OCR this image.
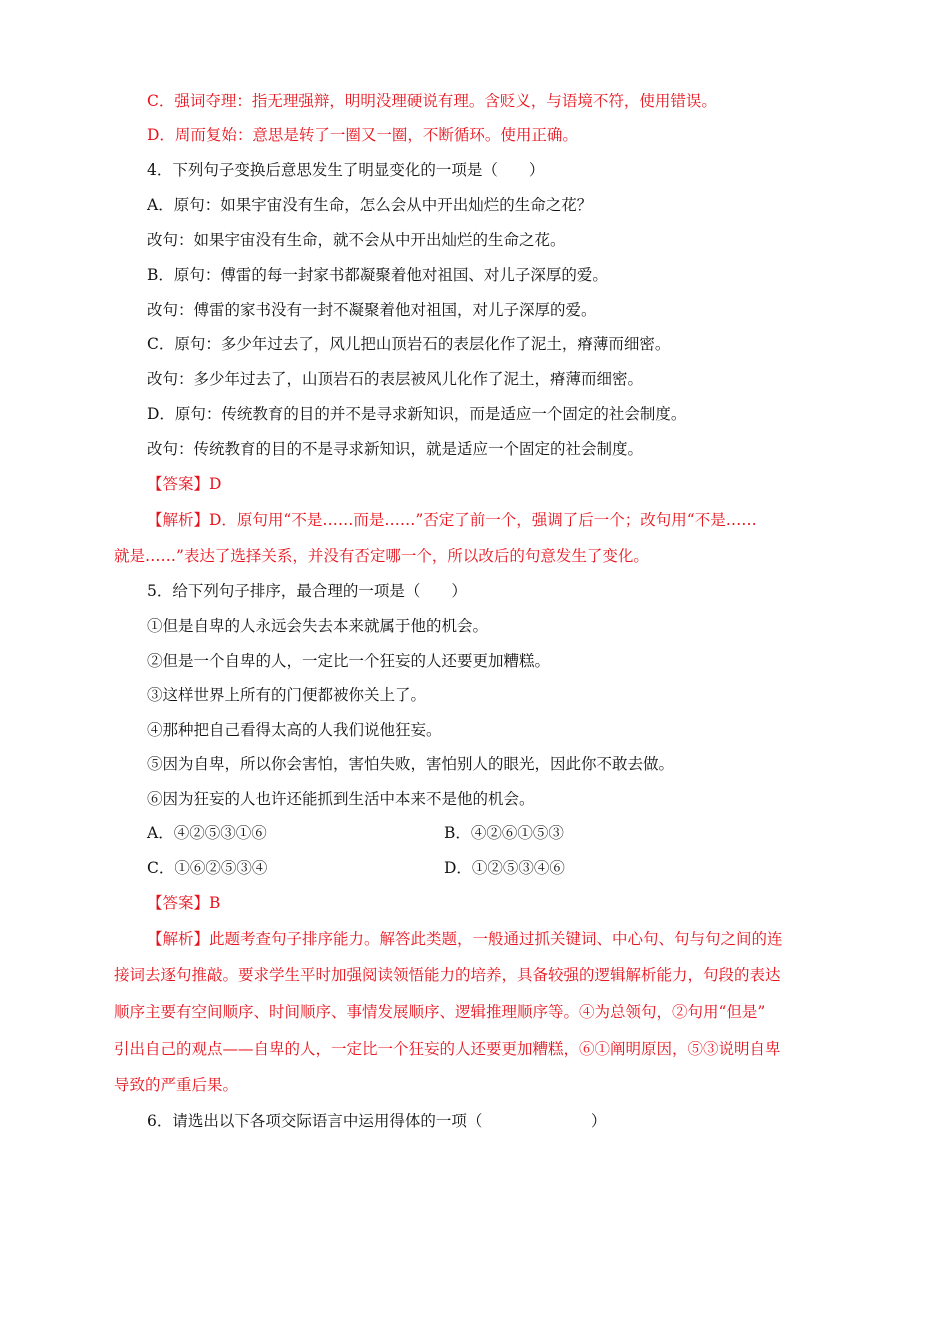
C．强词夺理：指无理强辩，明明没理硬说有理。含贬义，与语境不符，使用错误。
D．周而复始：意思是转了一圈又一圈，不断循环。使用正确。
4．下列句子变换后意思发生了明显变化的一项是（　　）
A．原句：如果宇宙没有生命，怎么会从中开出灿烂的生命之花？
改句：如果宇宙没有生命，就不会从中开出灿烂的生命之花。
B．原句：傅雷的每一封家书都凝聚着他对祖国、对儿子深厚的爱。
改句：傅雷的家书没有一封不凝聚着他对祖国，对儿子深厚的爱。
C．原句：多少年过去了，风儿把山顶岩石的表层化作了泥土，瘠薄而细密。
改句：多少年过去了，山顶岩石的表层被风儿化作了泥土，瘠薄而细密。
D．原句：传统教育的目的并不是寻求新知识，而是适应一个固定的社会制度。
改句：传统教育的目的不是寻求新知识，就是适应一个固定的社会制度。
【答案】D
【解析】D．原句用“不是……而是……”否定了前一个，强调了后一个；改句用“不是……
就是……”表达了选择关系，并没有否定哪一个，所以改后的句意发生了变化。
5．给下列句子排序，最合理的一项是（　　）
①但是自卑的人永远会失去本来就属于他的机会。
②但是一个自卑的人，一定比一个狂妄的人还要更加糟糕。
③这样世界上所有的门便都被你关上了。
④那种把自己看得太高的人我们说他狂妄。
⑤因为自卑，所以你会害怕，害怕失败，害怕别人的眼光，因此你不敢去做。
⑥因为狂妄的人也许还能抓到生活中本来不是他的机会。
A．④②⑤③①⑥	B．④②⑥①⑤③
C．①⑥②⑤③④	D．①②⑤③④⑥
【答案】B
【解析】此题考查句子排序能力。解答此类题，一般通过抓关键词、中心句、句与句之间的连
接词去逐句推敲。要求学生平时加强阅读领悟能力的培养，具备较强的逻辑解析能力，句段的表达
顺序主要有空间顺序、时间顺序、事情发展顺序、逻辑推理顺序等。④为总领句，②句用“但是”
引出自己的观点——自卑的人，一定比一个狂妄的人还要更加糟糕，⑥①阐明原因，⑤③说明自卑
导致的严重后果。
6．请选出以下各项交际语言中运用得体的一项（　　　　　　　）
